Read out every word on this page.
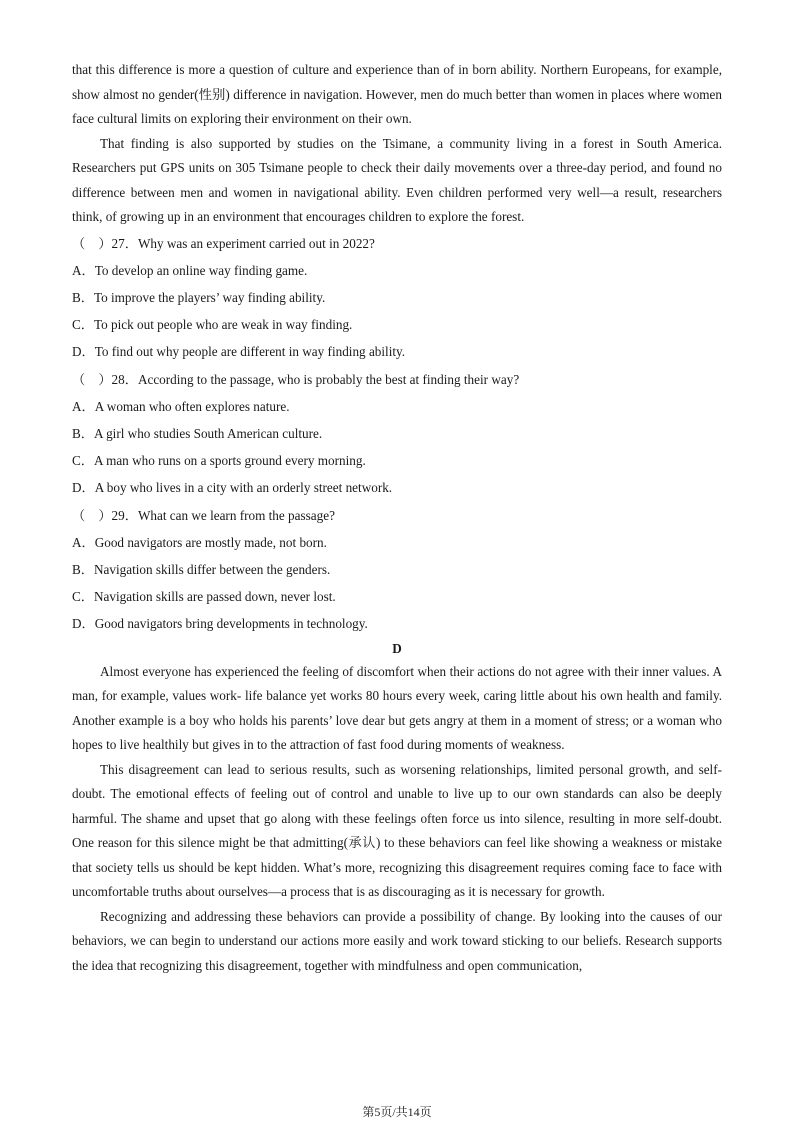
that this difference is more a question of culture and experience than of in born ability. Northern Europeans, for example, show almost no gender(性别) difference in navigation. However, men do much better than women in places where women face cultural limits on exploring their environment on their own.

That finding is also supported by studies on the Tsimane, a community living in a forest in South America. Researchers put GPS units on 305 Tsimane people to check their daily movements over a three-day period, and found no difference between men and women in navigational ability. Even children performed very well—a result, researchers think, of growing up in an environment that encourages children to explore the forest.

（　）27．Why was an experiment carried out in 2022?

A．To develop an online way finding game.

B．To improve the players’ way finding ability.

C．To pick out people who are weak in way finding.

D．To find out why people are different in way finding ability.

（　）28．According to the passage, who is probably the best at finding their way?

A．A woman who often explores nature.

B．A girl who studies South American culture.

C．A man who runs on a sports ground every morning.

D．A boy who lives in a city with an orderly street network.

（　）29．What can we learn from the passage?

A．Good navigators are mostly made, not born.

B．Navigation skills differ between the genders.

C．Navigation skills are passed down, never lost.

D．Good navigators bring developments in technology.

D

Almost everyone has experienced the feeling of discomfort when their actions do not agree with their inner values. A man, for example, values work- life balance yet works 80 hours every week, caring little about his own health and family. Another example is a boy who holds his parents’ love dear but gets angry at them in a moment of stress; or a woman who hopes to live healthily but gives in to the attraction of fast food during moments of weakness.

This disagreement can lead to serious results, such as worsening relationships, limited personal growth, and self-doubt. The emotional effects of feeling out of control and unable to live up to our own standards can also be deeply harmful. The shame and upset that go along with these feelings often force us into silence, resulting in more self-doubt. One reason for this silence might be that admitting(承认) to these behaviors can feel like showing a weakness or mistake that society tells us should be kept hidden. What’s more, recognizing this disagreement requires coming face to face with uncomfortable truths about ourselves—a process that is as discouraging as it is necessary for growth.

Recognizing and addressing these behaviors can provide a possibility of change. By looking into the causes of our behaviors, we can begin to understand our actions more easily and work toward sticking to our beliefs. Research supports the idea that recognizing this disagreement, together with mindfulness and open communication,

第5页/共14页
